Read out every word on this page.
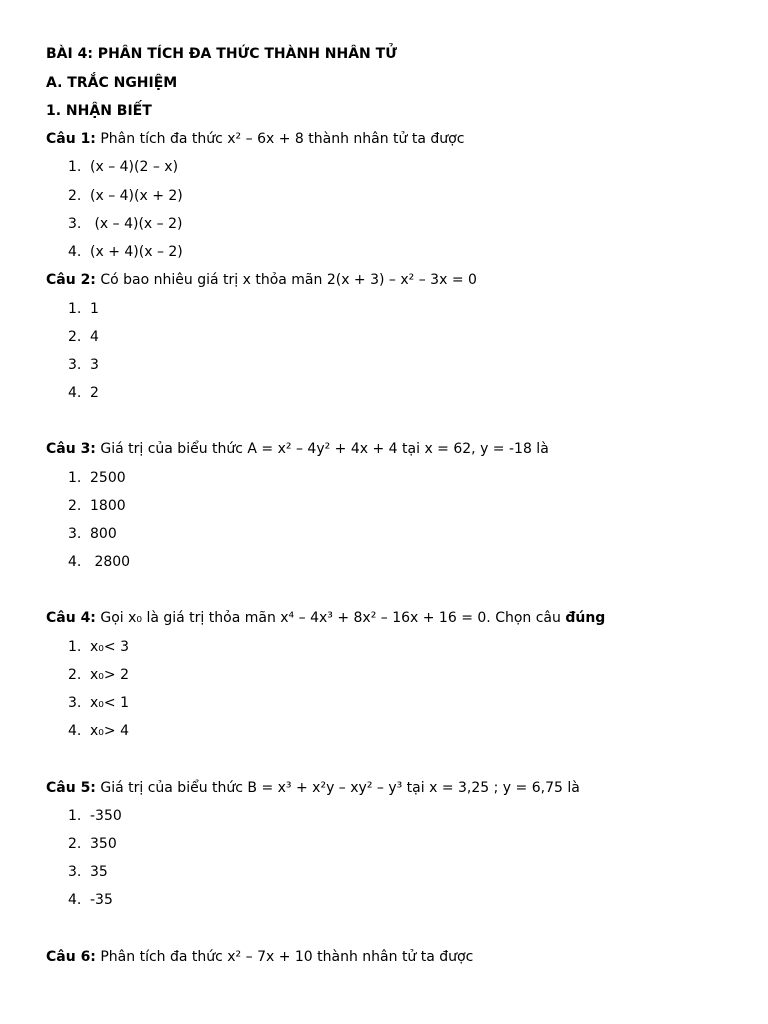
BÀI 4: PHÂN TÍCH ĐA THỨC THÀNH NHÂN TỬ
A. TRẮC NGHIỆM
1. NHẬN BIẾT
Câu 1: Phân tích đa thức x² – 6x + 8 thành nhân tử ta được
1. (x – 4)(2 – x)
2. (x – 4)(x + 2)
3. (x – 4)(x – 2)
4. (x + 4)(x – 2)
Câu 2: Có bao nhiêu giá trị x thỏa mãn 2(x + 3) – x² – 3x = 0
1. 1
2. 4
3. 3
4. 2
Câu 3: Giá trị của biểu thức A = x² – 4y² + 4x + 4 tại x = 62, y = -18 là
1. 2500
2. 1800
3. 800
4. 2800
Câu 4: Gọi x₀ là giá trị thỏa mãn x⁴ – 4x³ + 8x² – 16x + 16 = 0. Chọn câu đúng
1. x₀< 3
2. x₀> 2
3. x₀< 1
4. x₀> 4
Câu 5: Giá trị của biểu thức B = x³ + x²y – xy² – y³ tại x = 3,25 ; y = 6,75 là
1. -350
2. 350
3. 35
4. -35
Câu 6: Phân tích đa thức x² – 7x + 10 thành nhân tử ta được
